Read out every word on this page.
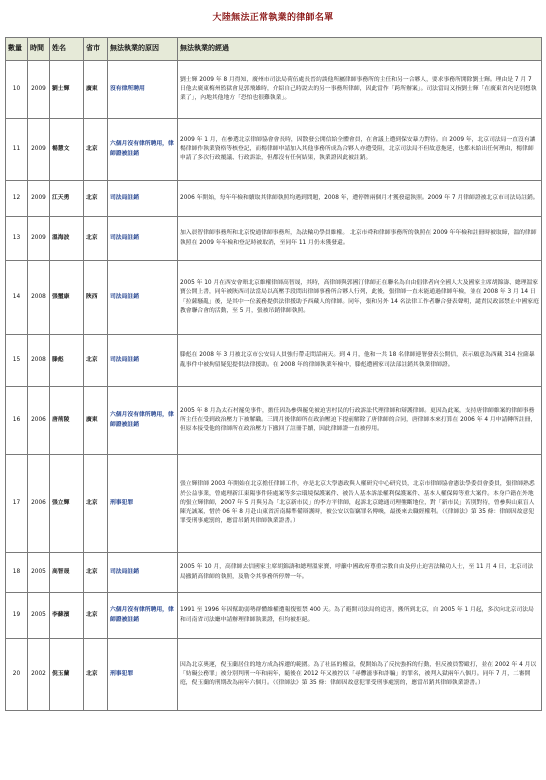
大陸無法正常執業的律師名單
數量	時間	姓名	省市	無法執業的原因	無法執業的經過
10	2009	劉士輝	廣東	沒有律所聘用	劉士輝 2009 年 8 月得知，廣州市司法局荷伍處長晉約談他所屬律師事務所的主任和另一合夥人，要求事務所開除劉士輝。理由是 7 月 7 日他去廣東梅州監獄會見郭飛雄時，介紹自己時說去的另一事務所律師，因此當作「跨所辦案」。司法當局又指劉士輝「在廣東省內是別想執業了」，內地其他地方「恐怕也很難執業」。
11	2009	楊慧文	北京	六個月沒有律所聘用，律師證被註銷	2009 年 1 月，在參選北京律師協會會長時，因散發公開信給全體會員，在會議上遭到保安暴力對待。自 2009 年，北京司法局一直沒有讓楊律師作執業資格等核登記，而楊律師申請加入其他事務所成為合夥人亦遭受阻，北京司法局不但故意拖延，也都未給出任何理由，楊律師申請了多次行政覆議、行政訴訟，但都沒有任何結果，執業證因此被註銷。
12	2009	江天勇	北京	司法局註銷	2006 年開始，每年年檢和續取其律師執照均遇到問題，2008 年，遭停牌兩個月才獲發還執照。2009 年 7 月律師證被北京市司法局註銷。
13	2009	溫海波	北京	司法局註銷	加入晨智律師事務所和北京悅通律師事務所，為法輪功學員維權。 北京市舜和律師事務所的執照在 2009 年年檢和註冊時被取締，溫的律師執照在 2009 年年檢和登記時被取消，至同年 11 月仍未獲發還。
14	2008	張璽康	陝西	司法局註銷	2005 年 10 月在西安會晤北京維權律師高智晟，其時，高律師與郭國汀律師正在聯名為自由倡律者向全國人大及國家主席胡錦濤、總理溫家寶公開上書，同年被陝西司法當局以高壓手段問出律師事務所合夥人行列，此後，張律師一直未能通過律師年檢，並在 2008 年 3 月 14 日「拉薩騷亂」後，是其中一位義務提供法律援助予西藏人的律師。同年，張和另外 14 名法律工作者聯合發表聲明，譴責民政部禁止中國家庭教會聯合會的活動，至 5 月，張被吊銷律師執照。
15	2008	滕彪	北京	司法局註銷	滕彪在 2008 年 3 月被北京市公安局人員強行帶走問話兩天。到 4 月，他和一共 18 名律師連署發表公開信，表示願意為西藏 314 拉薩暴亂事件中被拘留疑犯提供法律援助。在 2008 年的律師執業年檢中，滕彪遭國家司法部註銷其執業律師證。
16	2006	唐荊陵	廣東	六個月沒有律所聘用，律師證被註銷	2005 年 8 月為太石村罷免事件，擔任因為參與罷免被迫害村民的行政訴訟代理律師和辯護律師。更因為此案，支持唐律師維案的律師事務所主任在受到政治壓力下被解職。三間月後律師所在政治壓迫下提前解除了唐律師的合同，唐律師本來打算在 2006 年 4 月申請轉所註冊，但原本接受他的律師所在政治壓力下撤回了註冊手續，因此律師證一直被停用。
17	2006	張立輝	北京	刑事犯罪	張立輝律師 2003 年開始在北京擔任律師工作，亦是北京大學憲政與人權研究中心研究員，北京市律師協會憲法學委員會委員，張律師熟悉於公益事業，曾處理新江東陽事件陸處案等多宗環境保護案件、被告人基本訴訟權利保護案件、基本人權保障等重大案件。本身戶籍在外地的張立輝律師，2007 年 5 月與另為「北京新市民」的李方平律師，起訴北京總通司理壟斷地位，對「新市民」苦別對待，曾參與山東盲人陳光誠案，惜於 06 年 8 月赴山東省沂南縣準備辯護時，被公安以盜竊罪名傳喚，最後來去職經權利。（《律師法》第 35 條：律師因故意犯罪受刑事處罰的，應當吊銷其律師執業證書。）
18	2005	高智晟	北京	司法局註銷	2005 年 10 月，高律師去信國家主席胡錦濤和總理溫家寶，呼籲中國政府尊重宗教自由及停止迫害法輪功人士，至 11 月 4 日，北京司法局撤銷高律師的執照，及勒令其事務所停牌一年。
19	2005	李蘇濱	北京	六個月沒有律所聘用，律師證被註銷	1991 至 1996 年因幫助弱勢群體維權遭報復監禁 400 天。為了避開司法局的追害，搬所到北京，自 2005 年 1 月起，多次向北京司法局和司南省司法廳申請辦理律師執業證，但均被拒絕。
20	2002	倪玉蘭	北京	刑事犯罪	因為北京奧運，倪玉蘭居住的地方成為拆遷的範圍。為了社區的權益，倪開始為了反抗強拆的行動，但反被員警毆打，並在 2002 年 4 月以「妨礙公務罪」被分別判刑一年和兩年，隨後在 2012 年又被控以「尋釁滋事和詐騙」的罪名，被判入獄兩年八個月。同年 7 月，二審開庭，倪玉蘭的刑期改為兩年六個月。（《律師法》第 35 條：律師因故意犯罪受刑事處罰的，應當吊銷其律師執業證書。）
